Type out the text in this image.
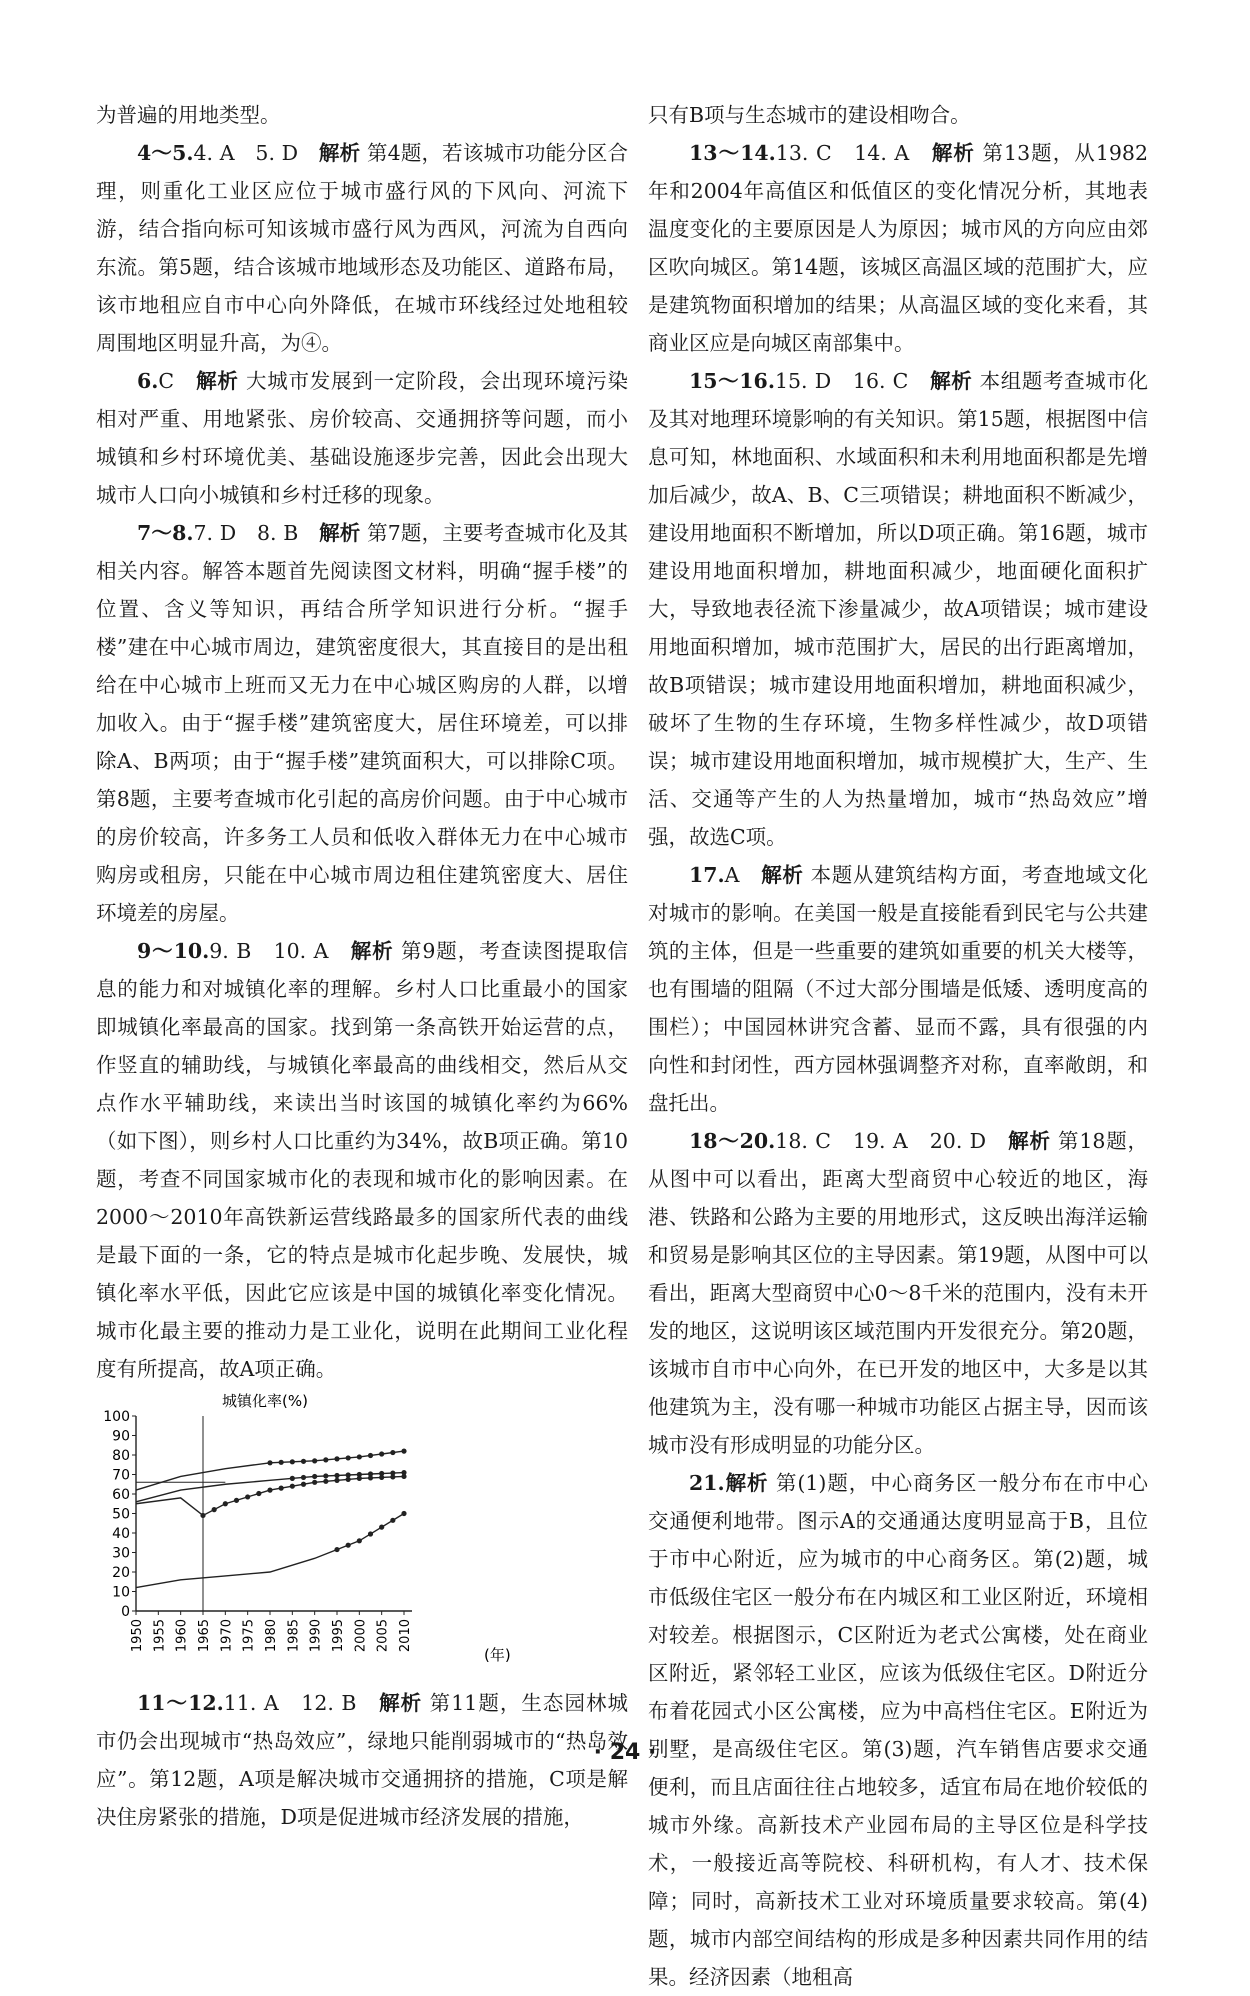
为普遍的用地类型。

4～5.4. A　5. D　解析 第4题，若该城市功能分区合理，则重化工业区应位于城市盛行风的下风向、河流下游，结合指向标可知该城市盛行风为西风，河流为自西向东流。第5题，结合该城市地域形态及功能区、道路布局，该市地租应自市中心向外降低，在城市环线经过处地租较周围地区明显升高，为④。

6.C　解析 大城市发展到一定阶段，会出现环境污染相对严重、用地紧张、房价较高、交通拥挤等问题，而小城镇和乡村环境优美、基础设施逐步完善，因此会出现大城市人口向小城镇和乡村迁移的现象。

7～8.7. D　8. B　解析 第7题，主要考查城市化及其相关内容。解答本题首先阅读图文材料，明确“握手楼”的位置、含义等知识，再结合所学知识进行分析。“握手楼”建在中心城市周边，建筑密度很大，其直接目的是出租给在中心城市上班而又无力在中心城区购房的人群，以增加收入。由于“握手楼”建筑密度大，居住环境差，可以排除A、B两项；由于“握手楼”建筑面积大，可以排除C项。第8题，主要考查城市化引起的高房价问题。由于中心城市的房价较高，许多务工人员和低收入群体无力在中心城市购房或租房，只能在中心城市周边租住建筑密度大、居住环境差的房屋。

9～10.9. B　10. A　解析 第9题，考查读图提取信息的能力和对城镇化率的理解。乡村人口比重最小的国家即城镇化率最高的国家。找到第一条高铁开始运营的点，作竖直的辅助线，与城镇化率最高的曲线相交，然后从交点作水平辅助线，来读出当时该国的城镇化率约为66%（如下图），则乡村人口比重约为34%，故B项正确。第10题，考查不同国家城市化的表现和城市化的影响因素。在2000～2010年高铁新运营线路最多的国家所代表的曲线是最下面的一条，它的特点是城市化起步晚、发展快，城镇化率水平低，因此它应该是中国的城镇化率变化情况。城市化最主要的推动力是工业化，说明在此期间工业化程度有所提高，故A项正确。

城镇化率(%)
(年)
100
90
80
70
60
50
40
30
20
10
0
1950 1955 1960 1965 1970 1975 1980 1985 1990 1995 2000 2005 2010

11～12.11. A　12. B　解析 第11题，生态园林城市仍会出现城市“热岛效应”，绿地只能削弱城市的“热岛效应”。第12题，A项是解决城市交通拥挤的措施，C项是解决住房紧张的措施，D项是促进城市经济发展的措施，

只有B项与生态城市的建设相吻合。

13～14.13. C　14. A　解析 第13题，从1982年和2004年高值区和低值区的变化情况分析，其地表温度变化的主要原因是人为原因；城市风的方向应由郊区吹向城区。第14题，该城区高温区域的范围扩大，应是建筑物面积增加的结果；从高温区域的变化来看，其商业区应是向城区南部集中。

15～16.15. D　16. C　解析 本组题考查城市化及其对地理环境影响的有关知识。第15题，根据图中信息可知，林地面积、水域面积和未利用地面积都是先增加后减少，故A、B、C三项错误；耕地面积不断减少，建设用地面积不断增加，所以D项正确。第16题，城市建设用地面积增加，耕地面积减少，地面硬化面积扩大，导致地表径流下渗量减少，故A项错误；城市建设用地面积增加，城市范围扩大，居民的出行距离增加，故B项错误；城市建设用地面积增加，耕地面积减少，破坏了生物的生存环境，生物多样性减少，故D项错误；城市建设用地面积增加，城市规模扩大，生产、生活、交通等产生的人为热量增加，城市“热岛效应”增强，故选C项。

17.A　解析 本题从建筑结构方面，考查地域文化对城市的影响。在美国一般是直接能看到民宅与公共建筑的主体，但是一些重要的建筑如重要的机关大楼等，也有围墙的阻隔（不过大部分围墙是低矮、透明度高的围栏）；中国园林讲究含蓄、显而不露，具有很强的内向性和封闭性，西方园林强调整齐对称，直率敞朗，和盘托出。

18～20.18. C　19. A　20. D　解析 第18题，从图中可以看出，距离大型商贸中心较近的地区，海港、铁路和公路为主要的用地形式，这反映出海洋运输和贸易是影响其区位的主导因素。第19题，从图中可以看出，距离大型商贸中心0～8千米的范围内，没有未开发的地区，这说明该区域范围内开发很充分。第20题，该城市自市中心向外，在已开发的地区中，大多是以其他建筑为主，没有哪一种城市功能区占据主导，因而该城市没有形成明显的功能分区。

21.解析 第(1)题，中心商务区一般分布在市中心交通便利地带。图示A的交通通达度明显高于B，且位于市中心附近，应为城市的中心商务区。第(2)题，城市低级住宅区一般分布在内城区和工业区附近，环境相对较差。根据图示，C区附近为老式公寓楼，处在商业区附近，紧邻轻工业区，应该为低级住宅区。D附近分布着花园式小区公寓楼，应为中高档住宅区。E附近为别墅，是高级住宅区。第(3)题，汽车销售店要求交通便利，而且店面往往占地较多，适宜布局在地价较低的城市外缘。高新技术产业园布局的主导区位是科学技术，一般接近高等院校、科研机构，有人才、技术保障；同时，高新技术工业对环境质量要求较高。第(4)题，城市内部空间结构的形成是多种因素共同作用的结果。经济因素（地租高

· 24 ·
